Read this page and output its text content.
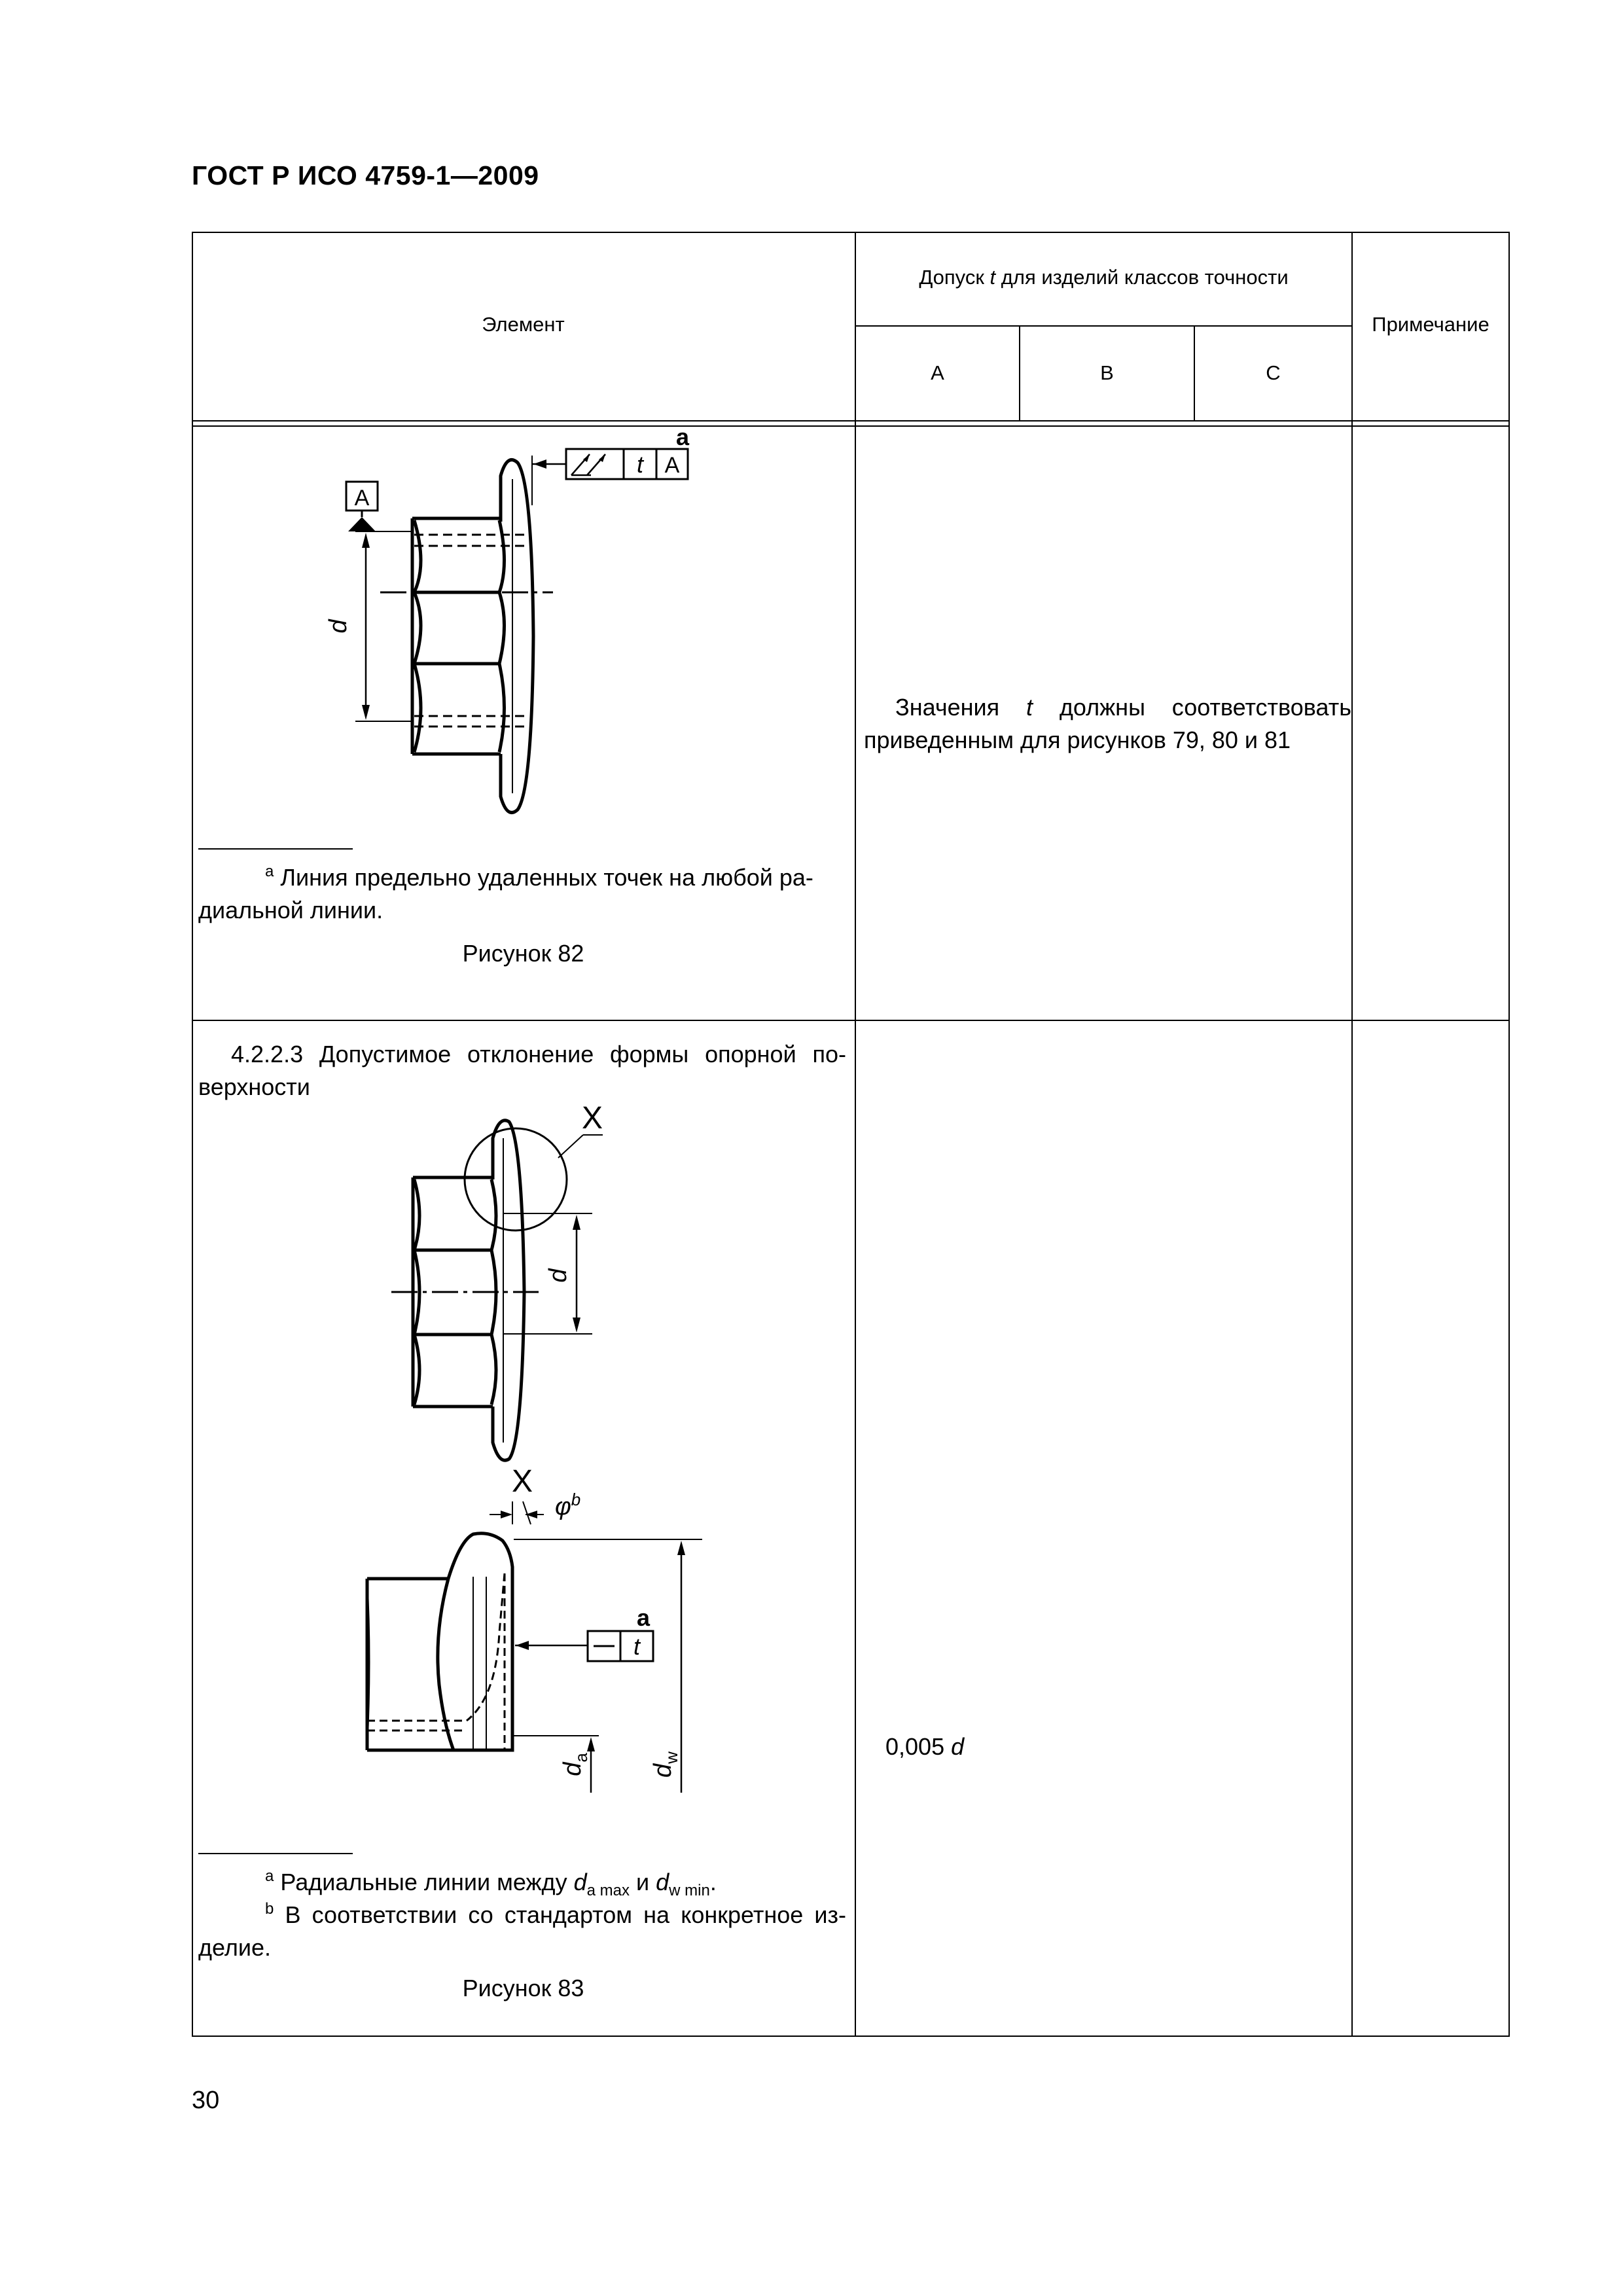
ГОСТ Р ИСО 4759-1—2009
Элемент
Допуск t для изделий классов точности
A	B	C
Примечание
t A
A
a
d
$^a$ Линия предельно удаленных точек на любой ра-
диальной линии.
Рисунок 82
Значения t должны соответствовать
приведенным для рисунков 79, 80 и 81
4.2.2.3 Допустимое отклонение формы опорной по-
верхности
X
d
X
$\varphi^b$
t
a
$d_a$
$d_w$
$^a$ Радиальные линии между $d_{a max}$ и $d_{w min}$.
$^b$ В соответствии со стандартом на конкретное из-
делие.
Рисунок 83
0,005 d
30
